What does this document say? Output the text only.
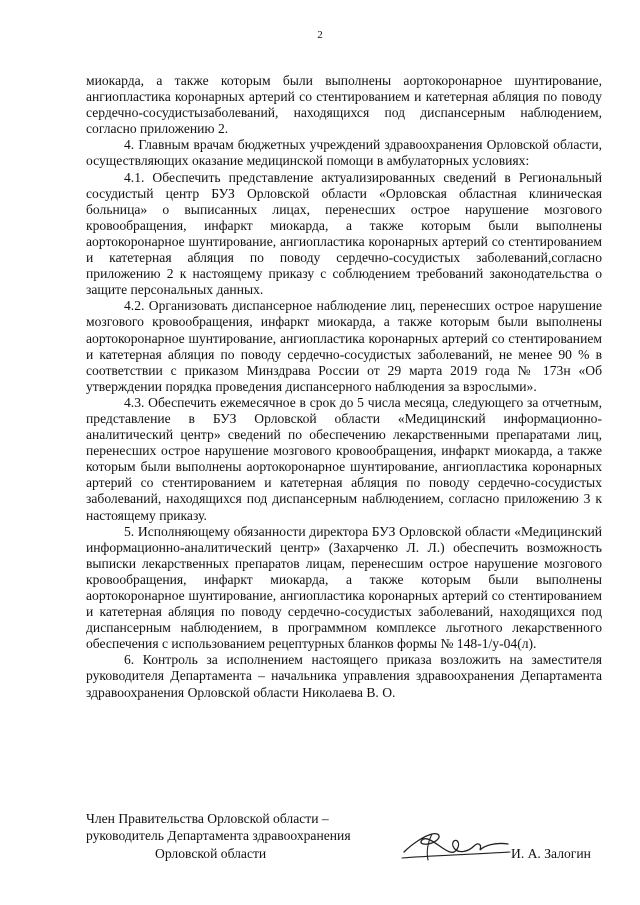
2

миокарда, а также которым были выполнены аортокоронарное шунтирование, ангиопластика коронарных артерий со стентированием и катетерная абляция по поводу сердечно-сосудистызаболеваний, находящихся под диспансерным наблюдением, согласно приложению 2.

4. Главным врачам бюджетных учреждений здравоохранения Орловской области, осуществляющих оказание медицинской помощи в амбулаторных условиях:

4.1. Обеспечить представление актуализированных сведений в Региональный сосудистый центр БУЗ Орловской области «Орловская областная клиническая больница» о выписанных лицах, перенесших острое нарушение мозгового кровообращения, инфаркт миокарда, а также которым были выполнены аортокоронарное шунтирование, ангиопластика коронарных артерий со стентированием и катетерная абляция по поводу сердечно-сосудистых заболеваний,согласно приложению 2 к настоящему приказу с соблюдением требований законодательства о защите персональных данных.

4.2. Организовать диспансерное наблюдение лиц, перенесших острое нарушение мозгового кровообращения, инфаркт миокарда, а также которым были выполнены аортокоронарное шунтирование, ангиопластика коронарных артерий со стентированием и катетерная абляция по поводу сердечно-сосудистых заболеваний, не менее 90 % в соответствии с приказом Минздрава России от 29 марта 2019 года № 173н «Об утверждении порядка проведения диспансерного наблюдения за взрослыми».

4.3. Обеспечить ежемесячное в срок до 5 числа месяца, следующего за отчетным, представление в БУЗ Орловской области «Медицинский информационно-аналитический центр» сведений по обеспечению лекарственными препаратами лиц, перенесших острое нарушение мозгового кровообращения, инфаркт миокарда, а также которым были выполнены аортокоронарное шунтирование, ангиопластика коронарных артерий со стентированием и катетерная абляция по поводу сердечно-сосудистых заболеваний, находящихся под диспансерным наблюдением, согласно приложению 3 к настоящему приказу.

5. Исполняющему обязанности директора БУЗ Орловской области «Медицинский информационно-аналитический центр» (Захарченко Л. Л.) обеспечить возможность выписки лекарственных препаратов лицам, перенесшим острое нарушение мозгового кровообращения, инфаркт миокарда, а также которым были выполнены аортокоронарное шунтирование, ангиопластика коронарных артерий со стентированием и катетерная абляция по поводу сердечно-сосудистых заболеваний, находящихся под диспансерным наблюдением, в программном комплексе льготного лекарственного обеспечения с использованием рецептурных бланков формы № 148-1/у-04(л).

6. Контроль за исполнением настоящего приказа возложить на заместителя руководителя Департамента – начальника управления здравоохранения Департамента здравоохранения Орловской области Николаева В. О.

Член Правительства Орловской области –
руководитель Департамента здравоохранения
Орловской области	И. А. Залогин
